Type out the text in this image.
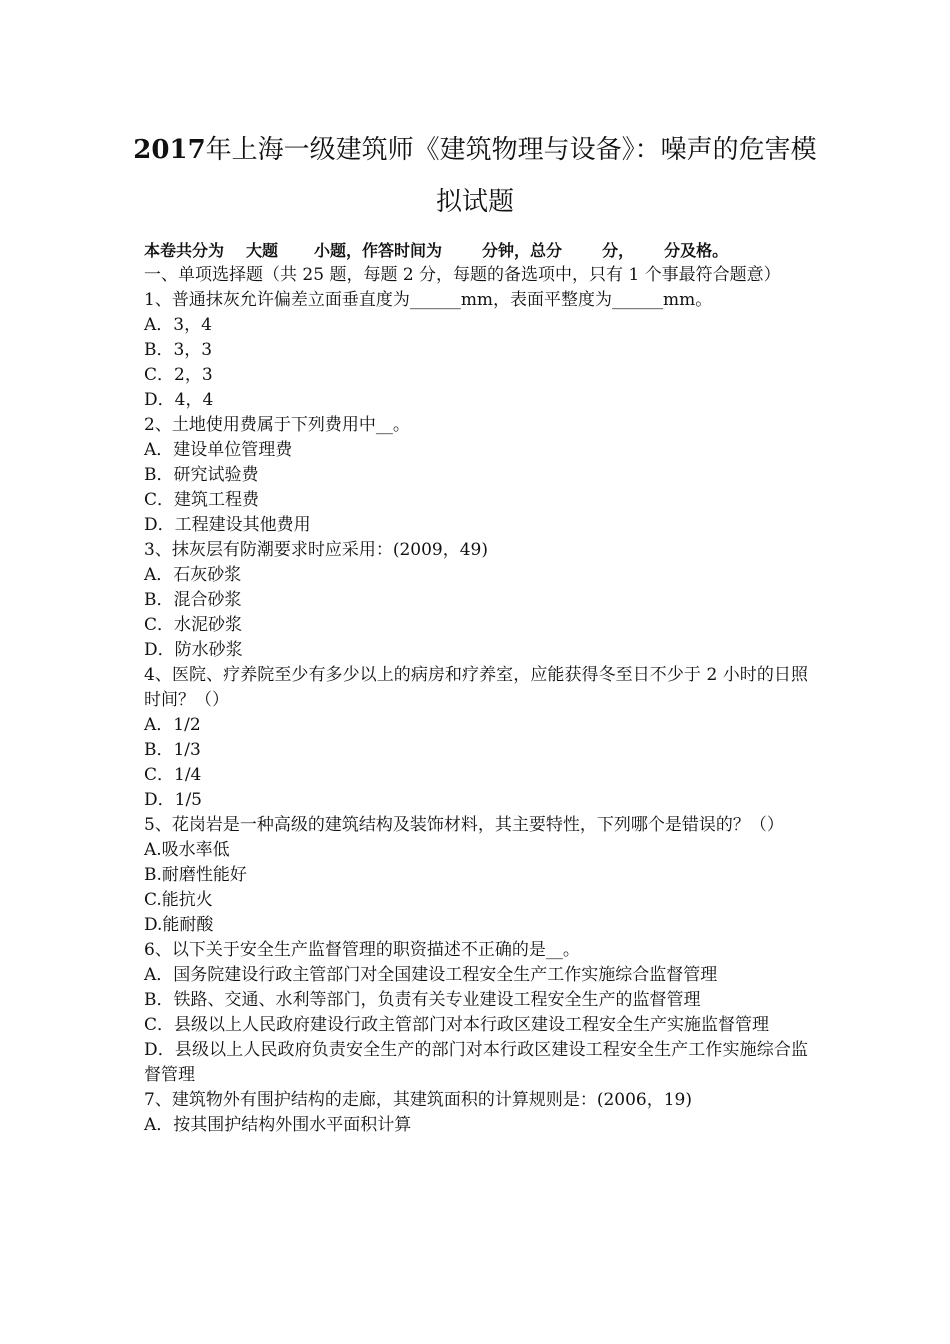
2017年上海一级建筑师《建筑物理与设备》：噪声的危害模
拟试题
本卷共分为 大题 小题，作答时间为	分钟，总分	分， 分及格。
一、单项选择题（共 25 题，每题 2 分，每题的备选项中，只有 1 个事最符合题意）
1、普通抹灰允许偏差立面垂直度为______mm，表面平整度为______mm。
A．3，4
B．3，3
C．2，3
D．4，4
2、土地使用费属于下列费用中__。
A．建设单位管理费
B．研究试验费
C．建筑工程费
D．工程建设其他费用
3、抹灰层有防潮要求时应采用：(2009，49)
A．石灰砂浆
B．混合砂浆
C．水泥砂浆
D．防水砂浆
4、医院、疗养院至少有多少以上的病房和疗养室，应能获得冬至日不少于 2 小时的日照时间？（）
A．1/2
B．1/3
C．1/4
D．1/5
5、花岗岩是一种高级的建筑结构及装饰材料，其主要特性，下列哪个是错误的？（）
A.吸水率低
B.耐磨性能好
C.能抗火
D.能耐酸
6、以下关于安全生产监督管理的职资描述不正确的是__。
A．国务院建设行政主管部门对全国建设工程安全生产工作实施综合监督管理
B．铁路、交通、水利等部门，负责有关专业建设工程安全生产的监督管理
C．县级以上人民政府建设行政主管部门对本行政区建设工程安全生产实施监督管理
D．县级以上人民政府负责安全生产的部门对本行政区建设工程安全生产工作实施综合监督管理
7、建筑物外有围护结构的走廊，其建筑面积的计算规则是：(2006，19)
A．按其围护结构外围水平面积计算
